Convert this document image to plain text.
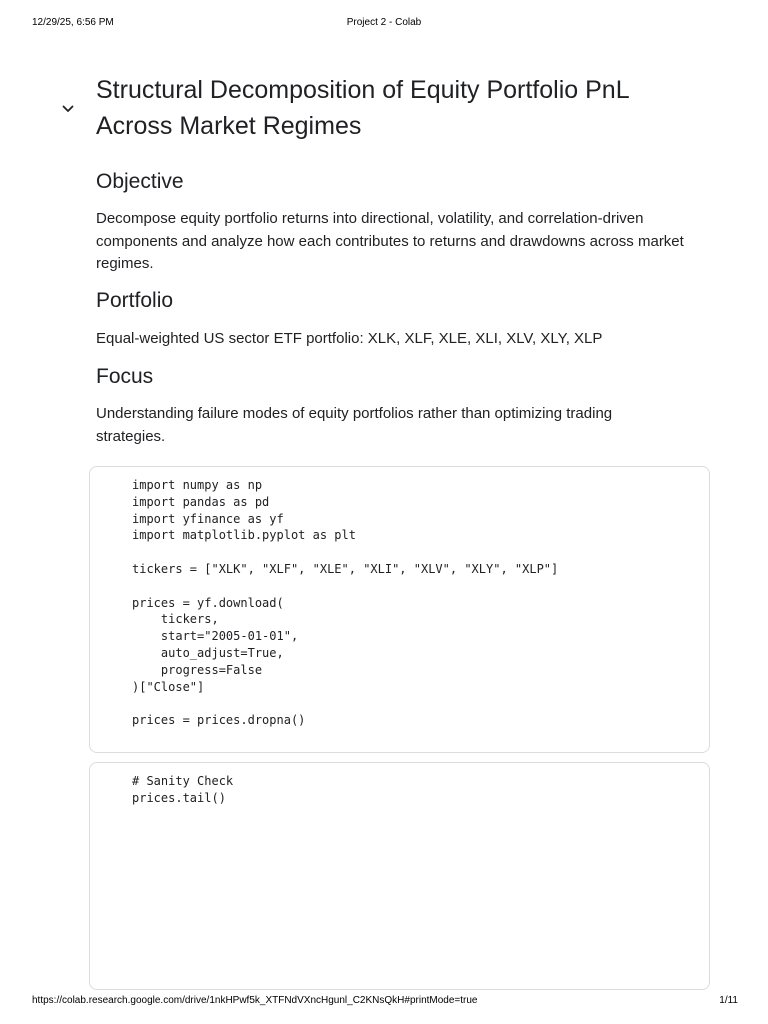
12/29/25, 6:56 PM	Project 2 - Colab
Structural Decomposition of Equity Portfolio PnL
Across Market Regimes
Objective
Decompose equity portfolio returns into directional, volatility, and correlation-driven
components and analyze how each contributes to returns and drawdowns across market
regimes.
Portfolio
Equal-weighted US sector ETF portfolio: XLK, XLF, XLE, XLI, XLV, XLY, XLP
Focus
Understanding failure modes of equity portfolios rather than optimizing trading
strategies.
import numpy as np
import pandas as pd
import yfinance as yf
import matplotlib.pyplot as plt
tickers = ["XLK", "XLF", "XLE", "XLI", "XLV", "XLY", "XLP"]
prices = yf.download(
tickers,
start="2005-01-01",
auto_adjust=True,
progress=False
)["Close"]
prices = prices.dropna()
# Sanity Check
prices.tail()
https://colab.research.google.com/drive/1nkHPwf5k_XTFNdVXncHgunl_C2KNsQkH#printMode=true	1/11
